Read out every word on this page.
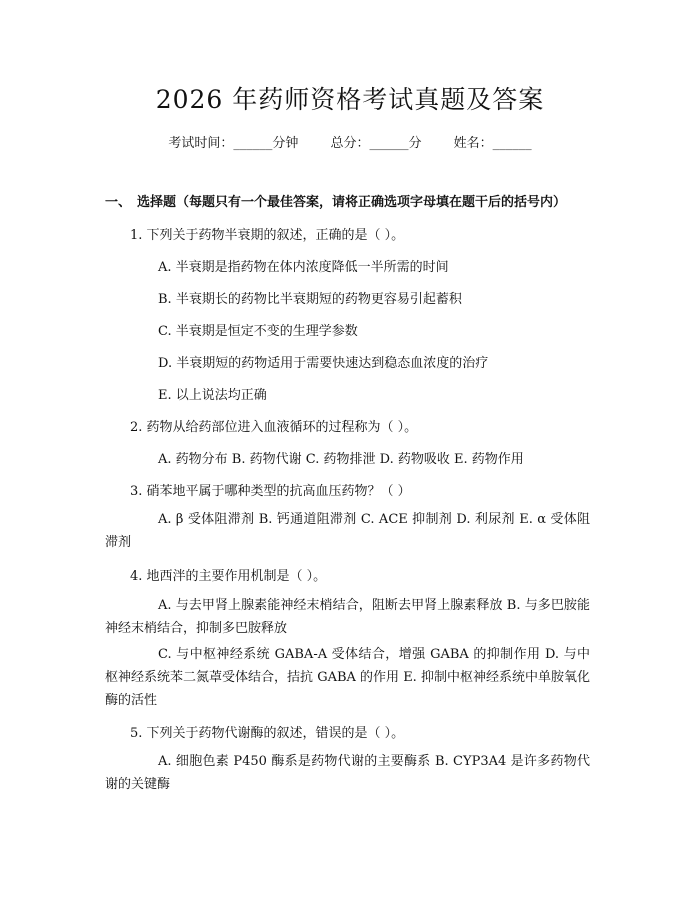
2026 年药师资格考试真题及答案
考试时间：______分钟 总分：______分 姓名：______
一、 选择题（每题只有一个最佳答案，请将正确选项字母填在题干后的括号内）
1. 下列关于药物半衰期的叙述，正确的是（ ）。
A. 半衰期是指药物在体内浓度降低一半所需的时间
B. 半衰期长的药物比半衰期短的药物更容易引起蓄积
C. 半衰期是恒定不变的生理学参数
D. 半衰期短的药物适用于需要快速达到稳态血浓度的治疗
E. 以上说法均正确
2. 药物从给药部位进入血液循环的过程称为（ ）。
A. 药物分布 B. 药物代谢 C. 药物排泄 D. 药物吸收 E. 药物作用
3. 硝苯地平属于哪种类型的抗高血压药物？（ ）
A. β 受体阻滞剂 B. 钙通道阻滞剂 C. ACE 抑制剂 D. 利尿剂 E. α 受体阻滞剂
4. 地西泮的主要作用机制是（ ）。
A. 与去甲肾上腺素能神经末梢结合，阻断去甲肾上腺素释放 B. 与多巴胺能神经末梢结合，抑制多巴胺释放
C. 与中枢神经系统 GABA-A 受体结合，增强 GABA 的抑制作用 D. 与中枢神经系统苯二氮䓬受体结合，拮抗 GABA 的作用 E. 抑制中枢神经系统中单胺氧化酶的活性
5. 下列关于药物代谢酶的叙述，错误的是（ ）。
A. 细胞色素 P450 酶系是药物代谢的主要酶系 B. CYP3A4 是许多药物代谢的关键酶
